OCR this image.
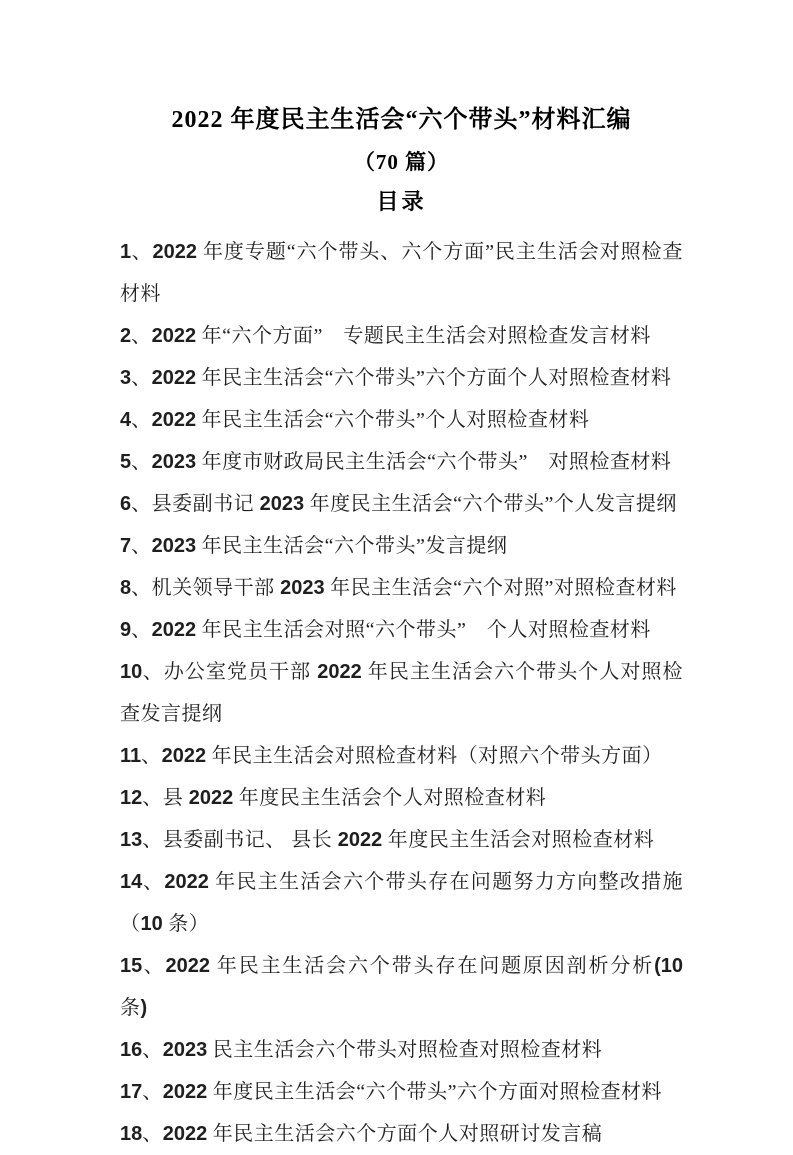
2022 年度民主生活会“六个带头”材料汇编
（70 篇）
目录

1、2022 年度专题“六个带头、六个方面”民主生活会对照检查材料

2、2022 年“六个方面”　专题民主生活会对照检查发言材料

3、2022 年民主生活会“六个带头”六个方面个人对照检查材料

4、2022 年民主生活会“六个带头”个人对照检查材料

5、2023 年度市财政局民主生活会“六个带头”　对照检查材料

6、县委副书记 2023 年度民主生活会“六个带头”个人发言提纲

7、2023 年民主生活会“六个带头”发言提纲

8、机关领导干部 2023 年民主生活会“六个对照”对照检查材料

9、2022 年民主生活会对照“六个带头”　个人对照检查材料

10、办公室党员干部 2022 年民主生活会六个带头个人对照检查发言提纲

11、2022 年民主生活会对照检查材料（对照六个带头方面）

12、县 2022 年度民主生活会个人对照检查材料

13、县委副书记、 县长 2022 年度民主生活会对照检查材料

14、2022 年民主生活会六个带头存在问题努力方向整改措施（10 条）

15、2022 年民主生活会六个带头存在问题原因剖析分析(10 条)

16、2023 民主生活会六个带头对照检查对照检查材料

17、2022 年度民主生活会“六个带头”六个方面对照检查材料

18、2022 年民主生活会六个方面个人对照研讨发言稿
